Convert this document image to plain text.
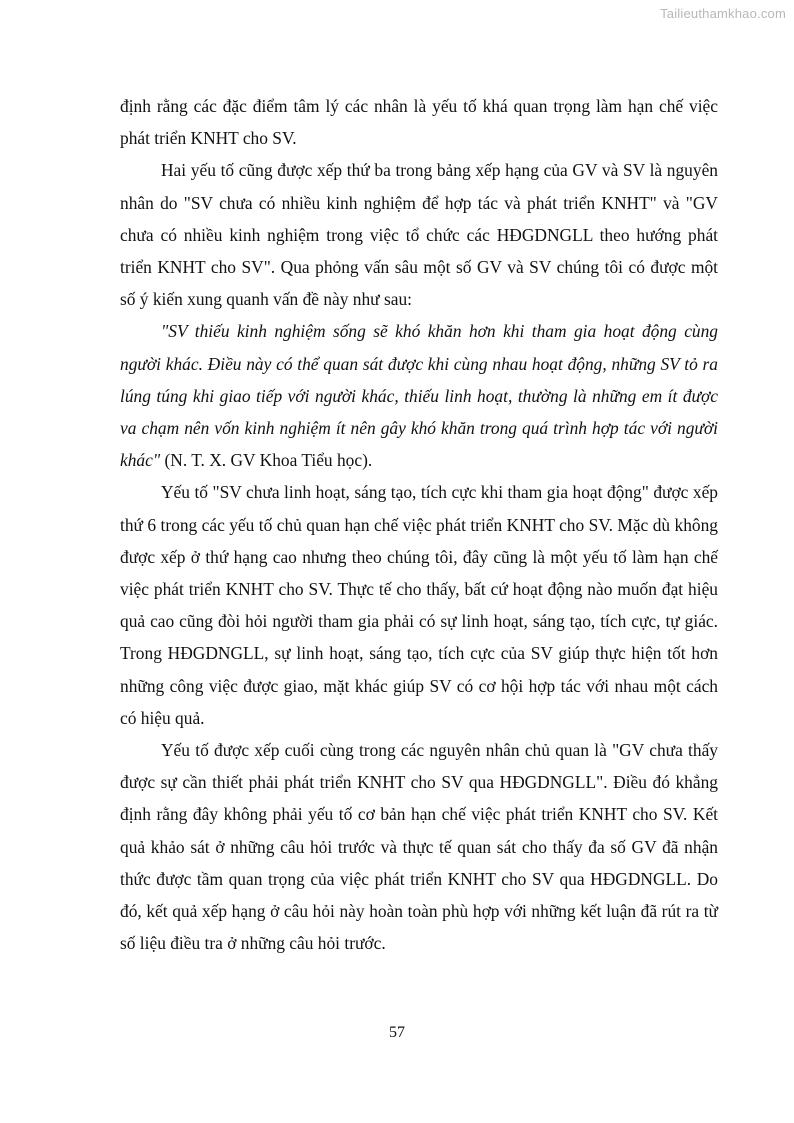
Tailieuthamkhao.com

định rằng các đặc điểm tâm lý các nhân là yếu tố khá quan trọng làm hạn chế việc phát triển KNHT cho SV.

Hai yếu tố cũng được xếp thứ ba trong bảng xếp hạng của GV và SV là nguyên nhân do "SV chưa có nhiều kinh nghiệm để hợp tác và phát triển KNHT" và "GV chưa có nhiều kinh nghiệm trong việc tổ chức các HĐGDNGLL theo hướng phát triển KNHT cho SV". Qua phỏng vấn sâu một số GV và SV chúng tôi có được một số ý kiến xung quanh vấn đề này như sau:

"SV thiếu kinh nghiệm sống sẽ khó khăn hơn khi tham gia hoạt động cùng người khác. Điều này có thể quan sát được khi cùng nhau hoạt động, những SV tỏ ra lúng túng khi giao tiếp với người khác, thiếu linh hoạt, thường là những em ít được va chạm nên vốn kinh nghiệm ít nên gây khó khăn trong quá trình hợp tác với người khác" (N. T. X. GV Khoa Tiểu học).

Yếu tố "SV chưa linh hoạt, sáng tạo, tích cực khi tham gia hoạt động" được xếp thứ 6 trong các yếu tố chủ quan hạn chế việc phát triển KNHT cho SV. Mặc dù không được xếp ở thứ hạng cao nhưng theo chúng tôi, đây cũng là một yếu tố làm hạn chế việc phát triển KNHT cho SV. Thực tế cho thấy, bất cứ hoạt động nào muốn đạt hiệu quả cao cũng đòi hỏi người tham gia phải có sự linh hoạt, sáng tạo, tích cực, tự giác. Trong HĐGDNGLL, sự linh hoạt, sáng tạo, tích cực của SV giúp thực hiện tốt hơn những công việc được giao, mặt khác giúp SV có cơ hội hợp tác với nhau một cách có hiệu quả.

Yếu tố được xếp cuối cùng trong các nguyên nhân chủ quan là "GV chưa thấy được sự cần thiết phải phát triển KNHT cho SV qua HĐGDNGLL". Điều đó khẳng định rằng đây không phải yếu tố cơ bản hạn chế việc phát triển KNHT cho SV. Kết quả khảo sát ở những câu hỏi trước và thực tế quan sát cho thấy đa số GV đã nhận thức được tầm quan trọng của việc phát triển KNHT cho SV qua HĐGDNGLL. Do đó, kết quả xếp hạng ở câu hỏi này hoàn toàn phù hợp với những kết luận đã rút ra từ số liệu điều tra ở những câu hỏi trước.

57
